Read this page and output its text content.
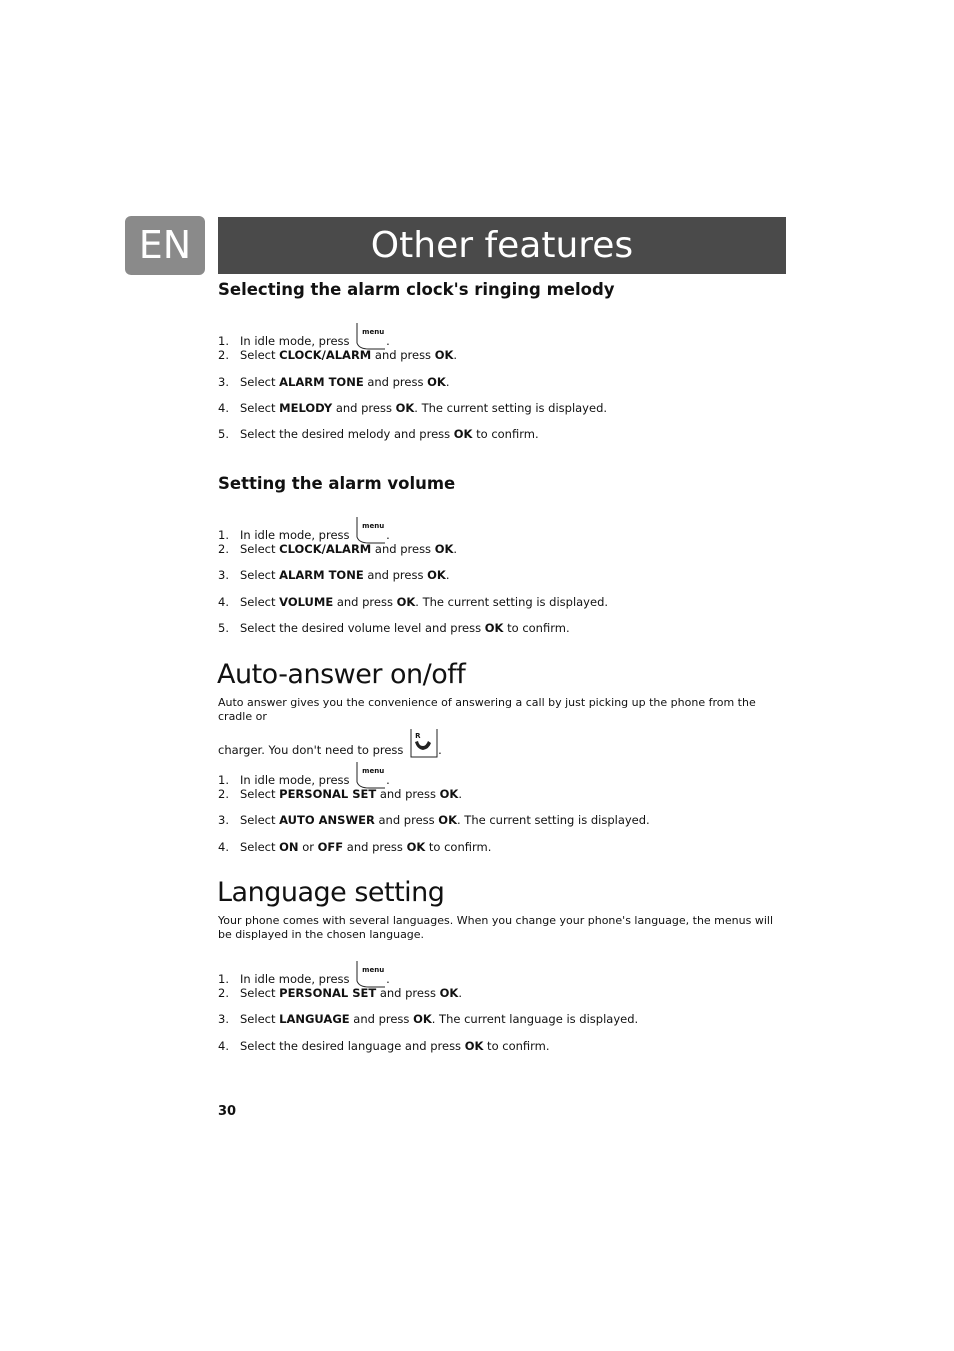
EN	Other features
Selecting the alarm clock's ringing melody
1. In idle mode, press
menu
.
2. Select CLOCK/ALARM and press OK.
3. Select ALARM TONE and press OK.
4. Select MELODY and press OK. The current setting is displayed.
5. Select the desired melody and press OK to confirm.
Setting the alarm volume
1. In idle mode, press
menu
.
2. Select CLOCK/ALARM and press OK.
3. Select ALARM TONE and press OK.
4. Select VOLUME and press OK. The current setting is displayed.
5. Select the desired volume level and press OK to confirm.
Auto-answer on/off
Auto answer gives you the convenience of answering a call by just picking up the phone from the cradle or
charger. You don't need to press
R
.
1. In idle mode, press
menu
.
2. Select PERSONAL SET and press OK.
3. Select AUTO ANSWER and press OK. The current setting is displayed.
4. Select ON or OFF and press OK to confirm.
Language setting
Your phone comes with several languages. When you change your phone's language, the menus will be displayed in the chosen language.
1. In idle mode, press
menu
.
2. Select PERSONAL SET and press OK.
3. Select LANGUAGE and press OK. The current language is displayed.
4. Select the desired language and press OK to confirm.
30
